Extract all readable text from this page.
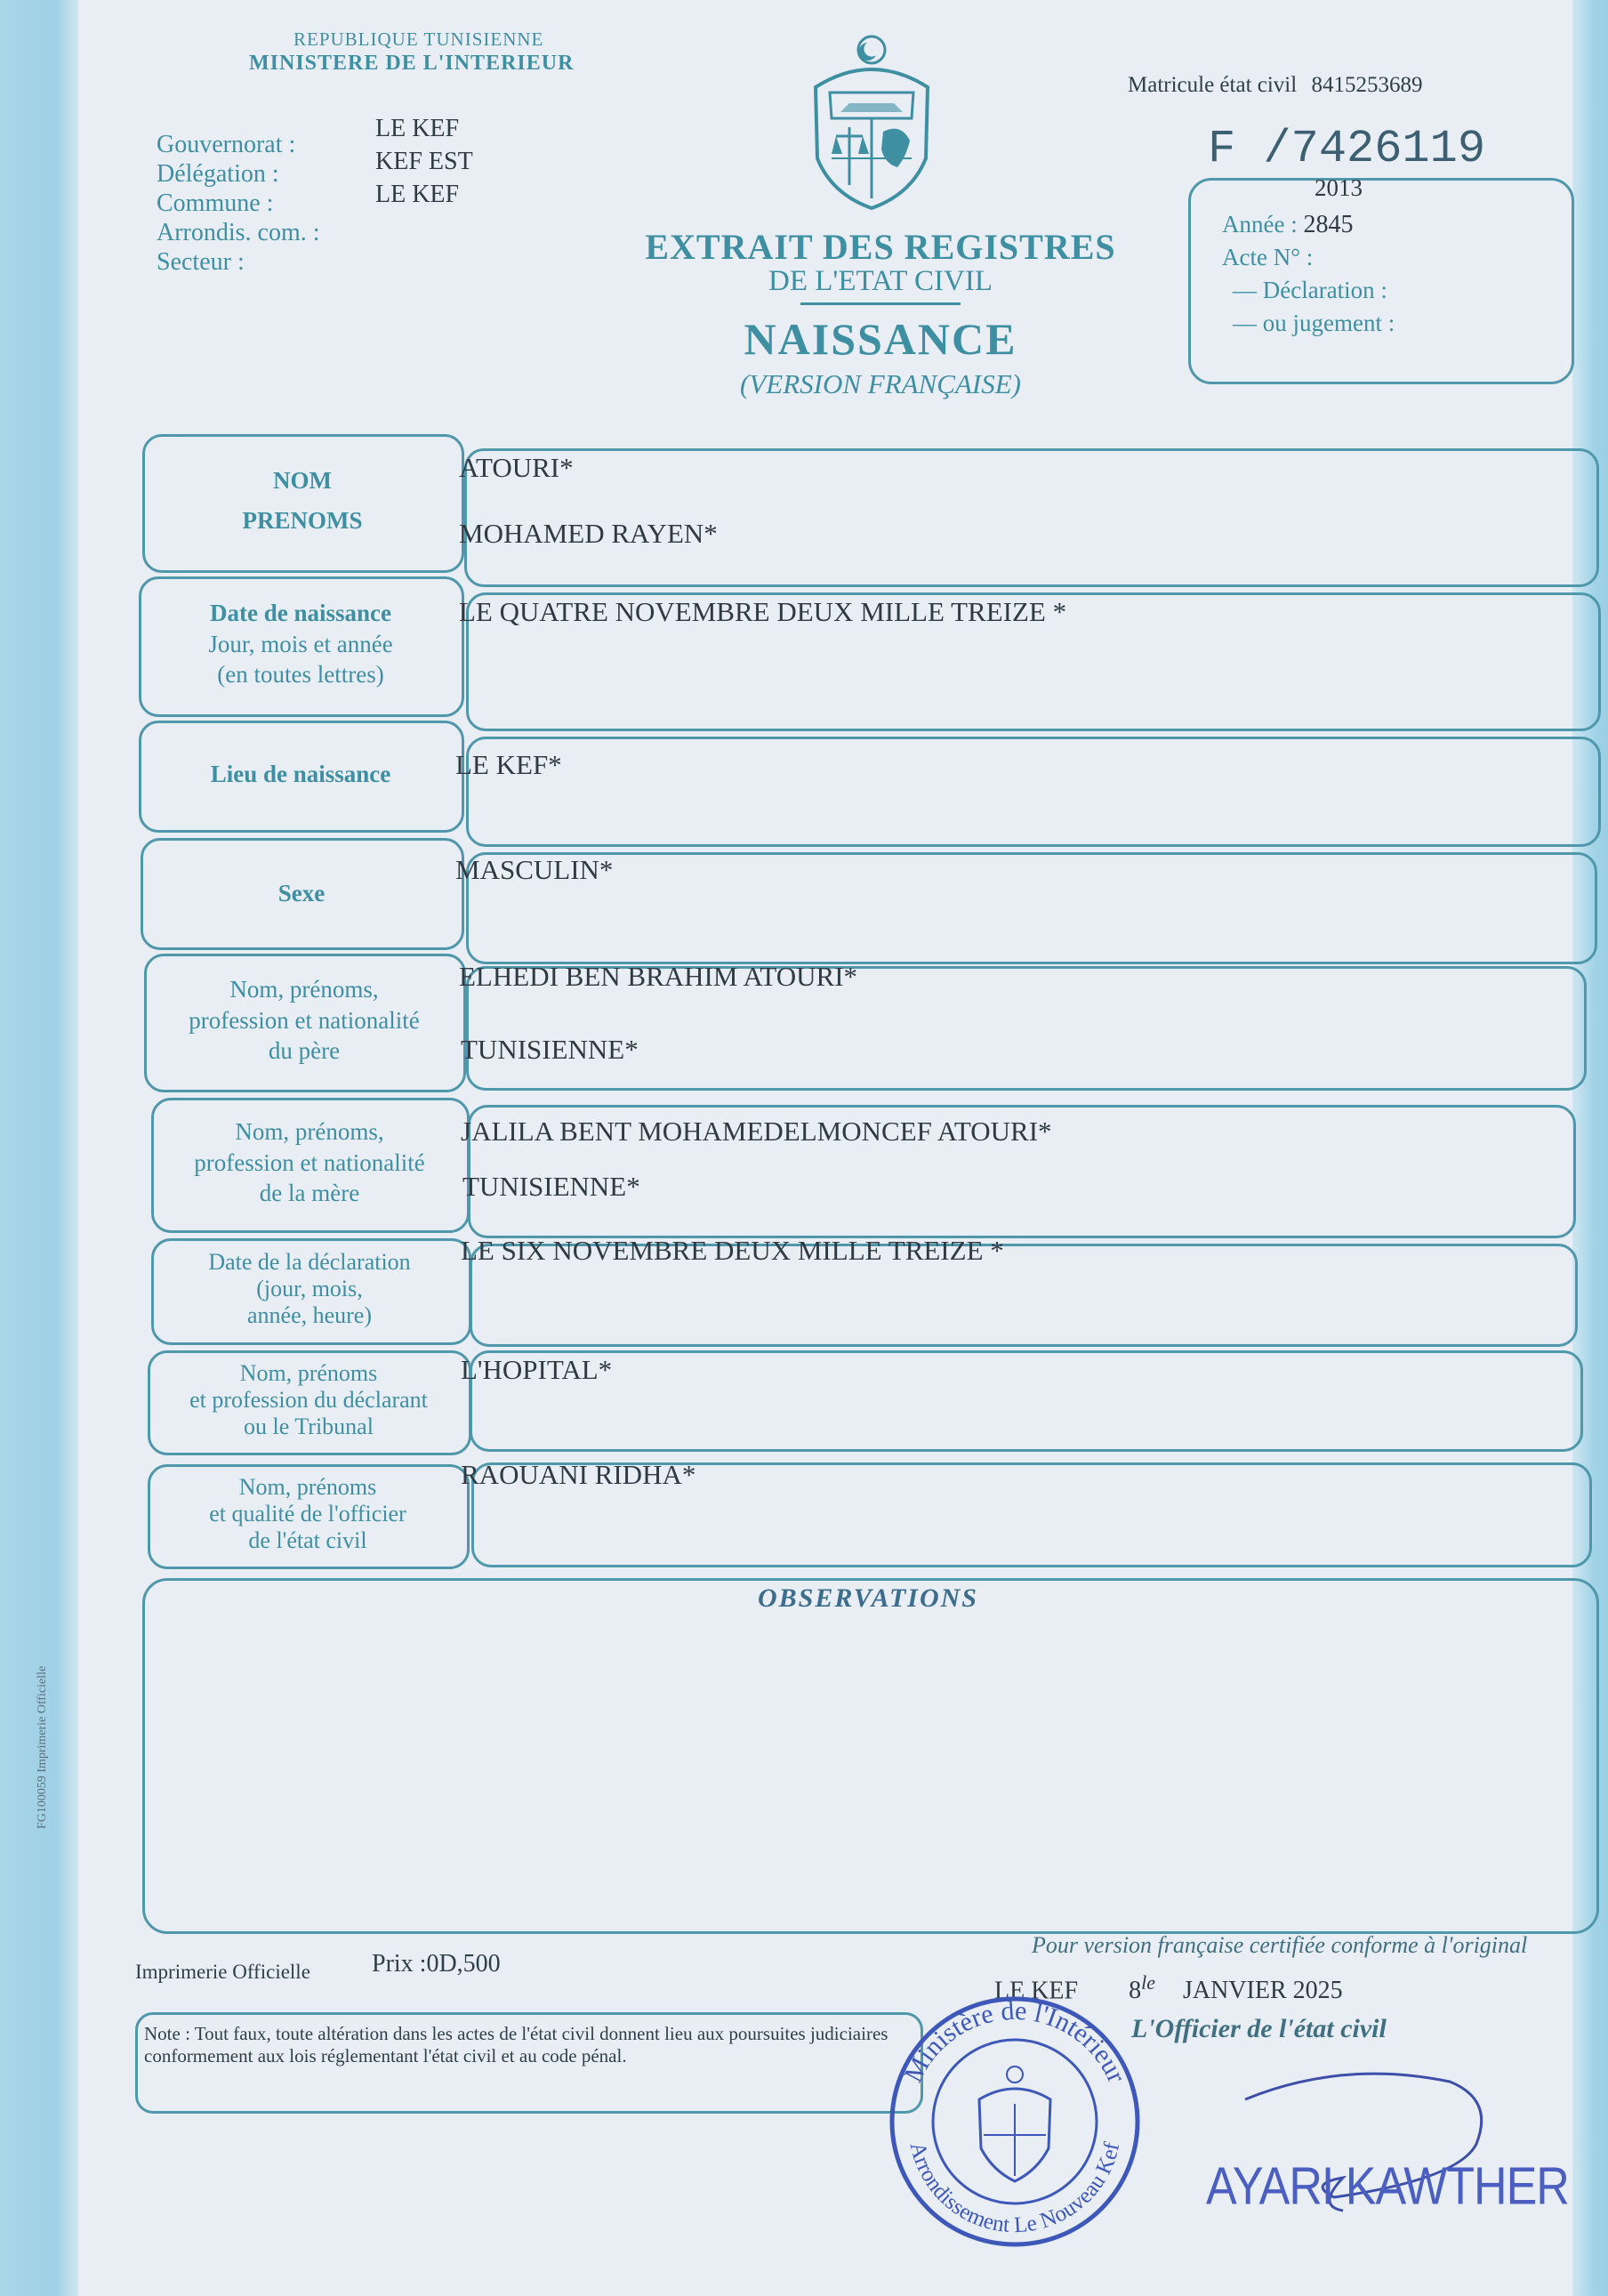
REPUBLIQUE TUNISIENNE
MINISTERE DE L'INTERIEUR
Gouvernorat :
Délégation :
Commune :
Arrondis. com. :
Secteur :
LE KEF
KEF EST
LE KEF
EXTRAIT DES REGISTRES
DE L'ETAT CIVIL
NAISSANCE
(VERSION FRANÇAISE)
Matricule état civil 8415253689
F /7426119
2013
Année : 2845
Acte N° :
— Déclaration :
— ou jugement :
NOM
PRENOMS
ATOURI*
MOHAMED RAYEN*
Date de naissance
Jour, mois et année
(en toutes lettres)
LE QUATRE NOVEMBRE DEUX MILLE TREIZE *
Lieu de naissance LE KEF*
Sexe
MASCULIN*
Nom, prénoms,
profession et nationalité
du père
ELHEDI BEN BRAHIM ATOURI*
TUNISIENNE*
Nom, prénoms,
profession et nationalité
de la mère
JALILA BENT MOHAMEDELMONCEF ATOURI*
TUNISIENNE*
Date de la déclaration
(jour, mois,
année, heure)
LE SIX NOVEMBRE DEUX MILLE TREIZE *
Nom, prénoms
et profession du déclarant
ou le Tribunal
L'HOPITAL*
Nom, prénoms
et qualité de l'officier
de l'état civil
RAOUANI RIDHA*
OBSERVATIONS
FG100059 Imprimerie Officielle
Imprimerie Officielle Prix :0D,500
Pour version française certifiée conforme à l'original
LE KEF $8^{le}$ JANVIER 2025
L'Officier de l'état civil
Note : Tout faux, toute altération dans les actes de l'état civil donnent lieu aux poursuites judiciaires conformement aux lois réglementant l'état civil et au code pénal.	Ministère de l'Intérieur
Arrondissement Le Nouveau Kef
AYARI KAWTHER
